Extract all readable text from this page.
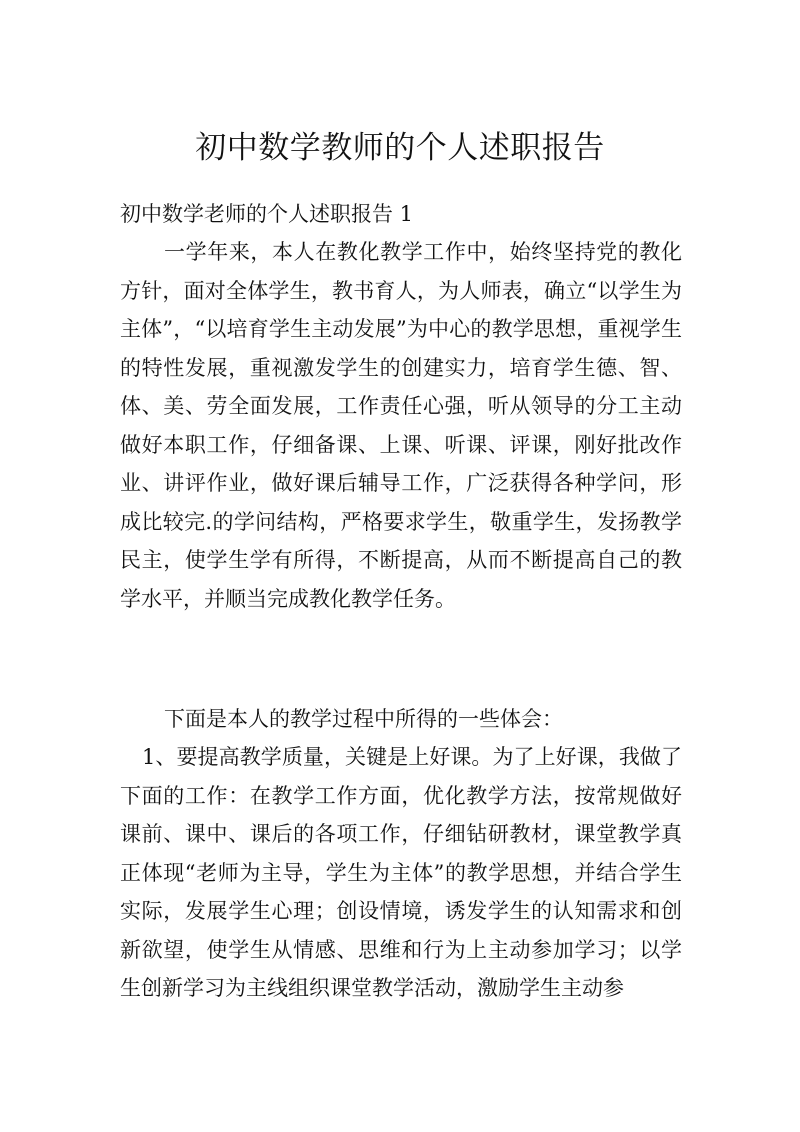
初中数学教师的个人述职报告

初中数学老师的个人述职报告 1

一学年来，本人在教化教学工作中，始终坚持党的教化方针，面对全体学生，教书育人，为人师表，确立“以学生为主体”，“以培育学生主动发展”为中心的教学思想，重视学生的特性发展，重视激发学生的创建实力，培育学生德、智、体、美、劳全面发展，工作责任心强，听从领导的分工主动做好本职工作，仔细备课、上课、听课、评课，刚好批改作业、讲评作业，做好课后辅导工作，广泛获得各种学问，形成比较完.的学问结构，严格要求学生，敬重学生，发扬教学民主，使学生学有所得，不断提高，从而不断提高自己的教学水平，并顺当完成教化教学任务。

下面是本人的教学过程中所得的一些体会：

1、要提高教学质量，关键是上好课。为了上好课，我做了下面的工作：在教学工作方面，优化教学方法，按常规做好课前、课中、课后的各项工作，仔细钻研教材，课堂教学真正体现“老师为主导，学生为主体”的教学思想，并结合学生实际，发展学生心理；创设情境，诱发学生的认知需求和创新欲望，使学生从情感、思维和行为上主动参加学习；以学生创新学习为主线组织课堂教学活动，激励学生主动参
